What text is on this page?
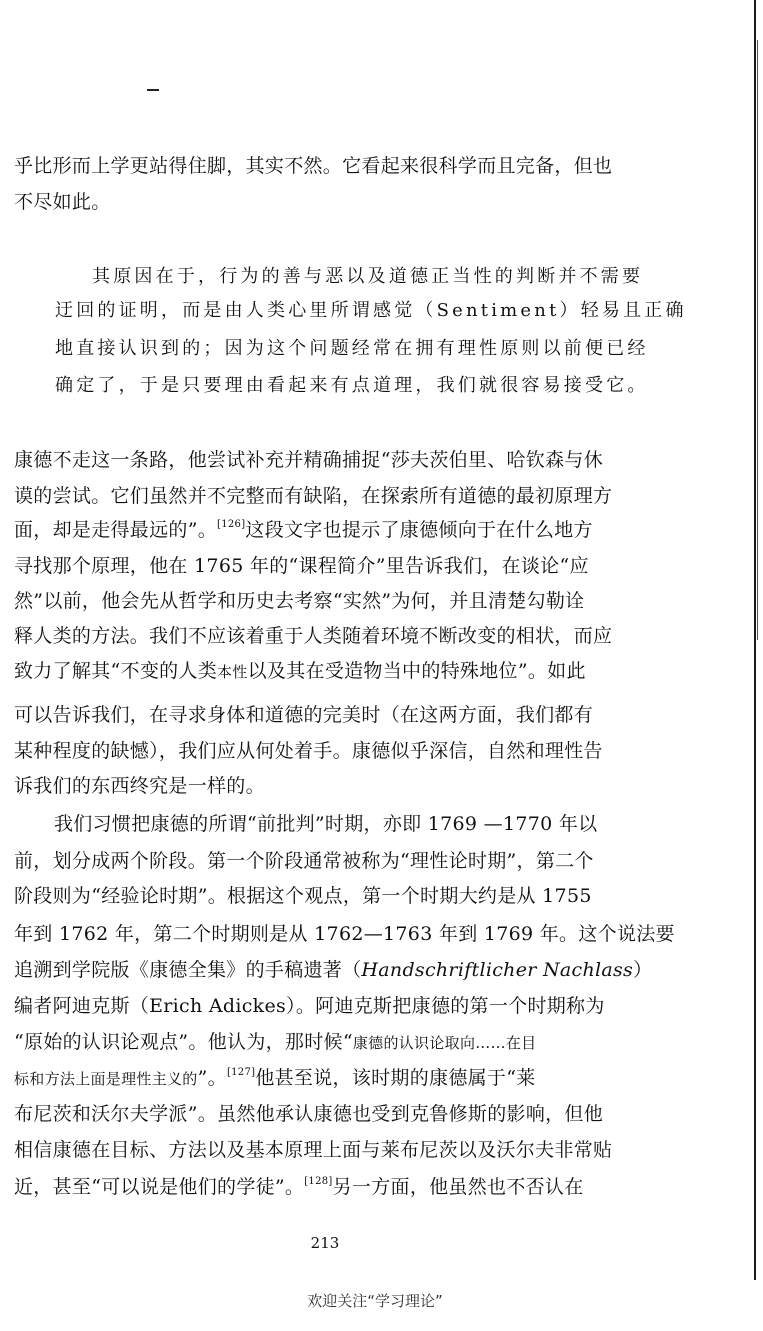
乎比形而上学更站得住脚，其实不然。它看起来很科学而且完备，但也
不尽如此。
其原因在于，行为的善与恶以及道德正当性的判断并不需要
迂回的证明，而是由人类心里所谓感觉（Sentiment）轻易且正确
地直接认识到的；因为这个问题经常在拥有理性原则以前便已经
确定了，于是只要理由看起来有点道理，我们就很容易接受它。
康德不走这一条路，他尝试补充并精确捕捉“莎夫茨伯里、哈钦森与休
谟的尝试。它们虽然并不完整而有缺陷，在探索所有道德的最初原理方
面，却是走得最远的”。[126]这段文字也提示了康德倾向于在什么地方
寻找那个原理，他在 1765 年的“课程简介”里告诉我们，在谈论“应
然”以前，他会先从哲学和历史去考察“实然”为何，并且清楚勾勒诠
释人类的方法。我们不应该着重于人类随着环境不断改变的相状，而应
致力了解其“不变的人类本性以及其在受造物当中的特殊地位”。如此
可以告诉我们，在寻求身体和道德的完美时（在这两方面，我们都有
某种程度的缺憾），我们应从何处着手。康德似乎深信，自然和理性告
诉我们的东西终究是一样的。
我们习惯把康德的所谓“前批判”时期，亦即 1769 —1770 年以
前，划分成两个阶段。第一个阶段通常被称为“理性论时期”，第二个
阶段则为“经验论时期”。根据这个观点，第一个时期大约是从 1755
年到 1762 年，第二个时期则是从 1762—1763 年到 1769 年。这个说法要
追溯到学院版《康德全集》的手稿遗著（Handschriftlicher Nachlass）
编者阿迪克斯（Erich Adickes）。阿迪克斯把康德的第一个时期称为
“原始的认识论观点”。他认为，那时候“康德的认识论取向……在目
标和方法上面是理性主义的”。[127]他甚至说，该时期的康德属于“莱
布尼茨和沃尔夫学派”。虽然他承认康德也受到克鲁修斯的影响，但他
相信康德在目标、方法以及基本原理上面与莱布尼茨以及沃尔夫非常贴
近，甚至“可以说是他们的学徒”。[128]另一方面，他虽然也不否认在
213
欢迎关注“学习理论”
